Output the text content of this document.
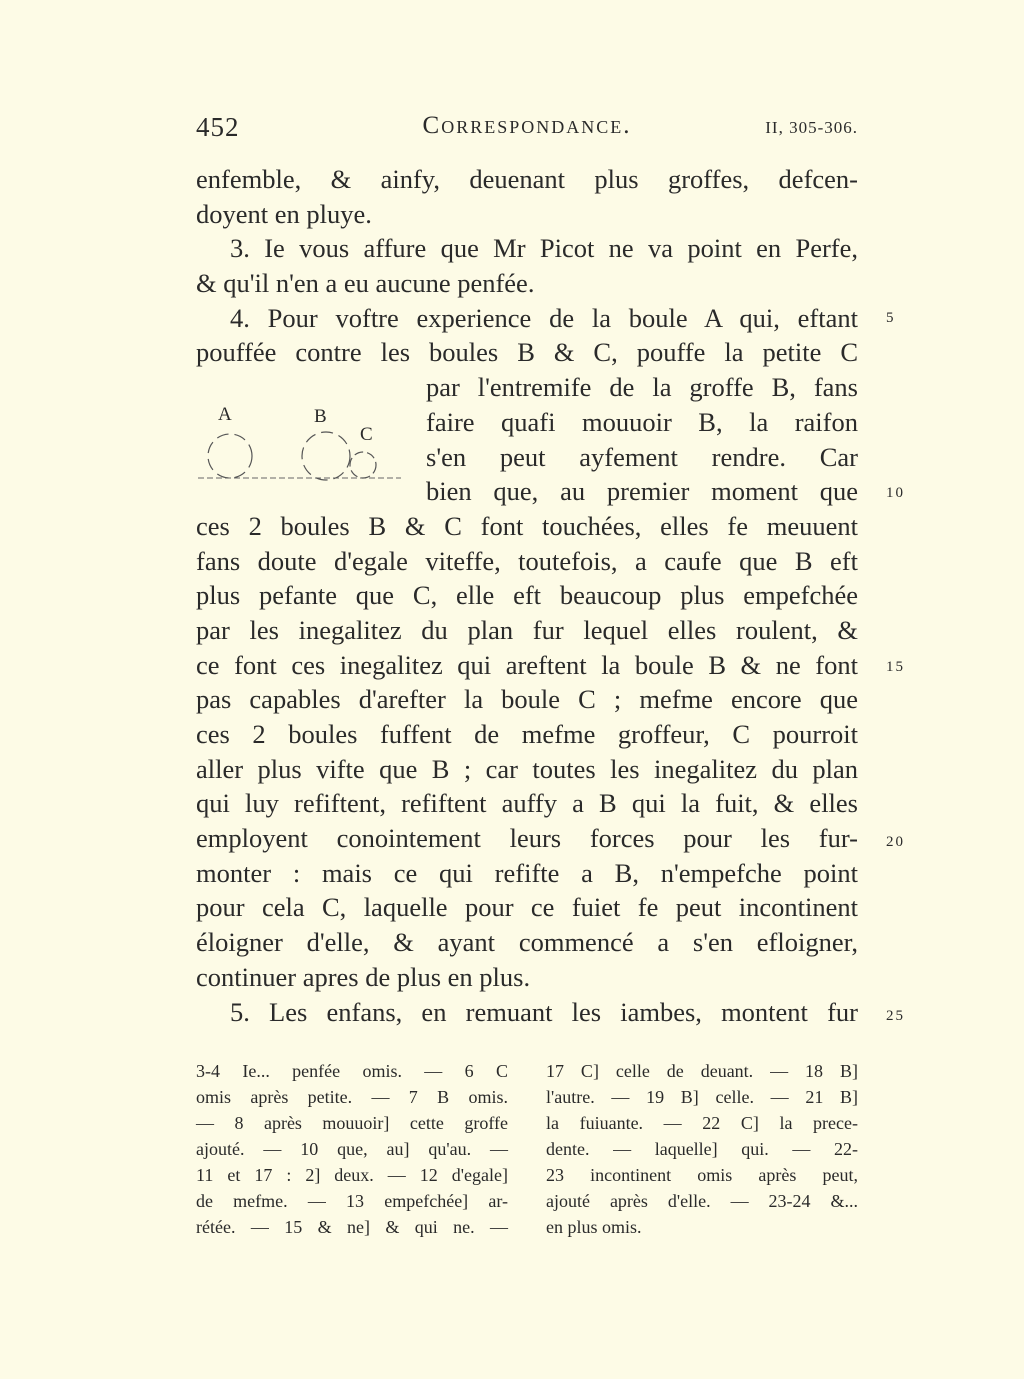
452	Correspondance.	II, 305-306.
enfemble, & ainfy, deuenant plus groffes, defcen-
doyent en pluye.
3. Ie vous affure que Mr Picot ne va point en Perfe,
& qu'il n'en a eu aucune penfée.
4. Pour voftre experience de la boule A qui, eftant
pouffée contre les boules B & C, pouffe la petite C
A	B
C
par l'entremife de la groffe B, fans
faire quafi mouuoir B, la raifon
s'en peut ayfement rendre. Car
bien que, au premier moment que
ces 2 boules B & C font touchées, elles fe meuuent
fans doute d'egale viteffe, toutefois, a caufe que B eft
plus pefante que C, elle eft beaucoup plus empefchée
par les inegalitez du plan fur lequel elles roulent, &
ce font ces inegalitez qui areftent la boule B & ne font
pas capables d'arefter la boule C ; mefme encore que
ces 2 boules fuffent de mefme groffeur, C pourroit
aller plus vifte que B ; car toutes les inegalitez du plan
qui luy refiftent, refiftent auffy a B qui la fuit, & elles
employent conointement leurs forces pour les fur-
monter : mais ce qui refifte a B, n'empefche point
pour cela C, laquelle pour ce fuiet fe peut incontinent
éloigner d'elle, & ayant commencé a s'en efloigner,
continuer apres de plus en plus.
5. Les enfans, en remuant les iambes, montent fur
5
10
15
20
25
3-4 Ie... penfée omis. — 6 C
omis après petite. — 7 B omis.
— 8 après mouuoir] cette groffe
ajouté. — 10 que, au] qu'au. —
11 et 17 : 2] deux. — 12 d'egale]
de mefme. — 13 empefchée] ar-
rétée. — 15 & ne] & qui ne. —
17 C] celle de deuant. — 18 B]
l'autre. — 19 B] celle. — 21 B]
la fuiuante. — 22 C] la prece-
dente. — laquelle] qui. — 22-
23 incontinent omis après peut,
ajouté après d'elle. — 23-24 &...
en plus omis.
